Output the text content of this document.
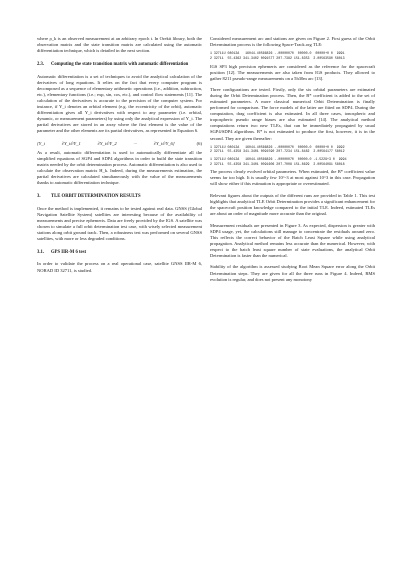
where ρ_k is an observed measurement at an arbitrary epoch t. In Orekit library, both the observation matrix and the state transition matrix are calculated using the automatic differentiation technique, which is detailed in the next section.

2.3.	Computing the state transition matrix with automatic differentiation

Automatic differentiation is a set of techniques to avoid the analytical calculation of the derivatives of long equations. It relies on the fact that every computer program is decomposed as a sequence of elementary arithmetic operations (i.e., addition, subtraction, etc.), elementary functions (i.e.; exp, sin, cos, etc.), and control flow statements [11]. The calculation of the derivatives is accurate to the precision of the computer system. For instance, if Y_i denotes an orbital element (e.g. the eccentricity of the orbit), automatic differentiation gives all Y_i derivatives with respect to any parameter (i.e. orbital, dynamic, or measurement parameters) by using only the analytical expression of Y_i. The partial derivatives are stored in an array where the first element is the value of the parameter and the other elements are its partial derivatives, as represented in Equation 6.

[Y_i	∂Y_i/∂Y_1	∂Y_i/∂Y_2	···	∂Y_i/∂Y_6]	(6)

As a result, automatic differentiation is used to automatically differentiate all the simplified equations of SGP4 and SDP4 algorithms in order to build the state transition matrix needed by the orbit determination process. Automatic differentiation is also used to calculate the observation matrix H_k. Indeed, during the measurements estimation, the partial derivatives are calculated simultaneously with the value of the measurements thanks to automatic differentiation technique.

3.	TLE ORBIT DETERMINATION RESULTS

Once the method is implemented, it remains to be tested against real data. GNSS (Global Navigation Satellite System) satellites are interesting because of the availability of measurements and precise ephemeris. Data are freely provided by the IGS. A satellite was chosen to simulate a full orbit determination test case, with wisely selected measurement stations along orbit ground track. Then, a robustness test was performed on several GNSS satellites, with more or less degraded conditions.

3.1.	GPS IIR-M 6 test

In order to validate the process on a real operational case, satellite GNSS IIR-M 6, NORAD ID 32711, is studied.

Considered measurement arc and stations are given on Figure 2. First guess of the Orbit Determination process is the following Space-Track.org TLE:

1 32711U 08012A   16044.40566826 -.00000070  00000-0  00000+0 0  9991
2 32711  55.4362 341.3402 0091577 207.7382 151.8353  2.00563590 58013

IGS SP3 high precision ephemeris are considered as the reference for the spacecraft position [12]. The measurements are also taken from IGS products. They allowed to gather 8211 pseudo-range measurements on a 5h30m arc [13].

Three configurations are tested. Firstly, only the six orbital parameters are estimated during the Orbit Determination process. Then, the B* coefficient is added to the set of estimated parameters. A more classical numerical Orbit Determination is finally performed for comparison. The force models of the latter are fitted on SDP4. During the computation, drag coefficient is also estimated. In all three cases, ionospheric and tropospheric pseudo range biases are also estimated [14]. The analytical method computations return two new TLEs, that can be immediately propagated by usual SGP4/SDP4 algorithms. B* is not estimated to produce the first, however, it is in the second. They are given thereafter:

1 32711U 08012A   16044.40566826 -.00000070  00000-0  00000+0 0  9992
2 32711  55.4358 341.3401 0091590 207.7234 151.8482  2.00564177 58012
1 32711U 08012A   16044.40566826 -.00000070  00000-0 -1.5229+3 0  9994
2 32711  55.4358 341.3401 0091606 207.7008 151.8629  2.00564091 58018

The process clearly evolved orbital parameters. When estimated, the B* coefficient value seems far too high. It is usually few 10^-3 at most against 10^3 in this case. Propagation will show either if this estimation is appropriate or overestimated.

Relevant figures about the outputs of the different runs are provided in Table 1. This test highlights that analytical TLE Orbit Determination provides a significant enhancement for the spacecraft position knowledge compared to the initial TLE. Indeed, estimated TLEs are about an order of magnitude more accurate than the original.

Measurement residuals are presented in Figure 3. As expected, dispersion is greater with SDP4 usage, yet, the calculations still manage to concentrate the residuals around zero. This reflects the correct behavior of the Batch Least Square while using analytical propagation. Analytical method remains less accurate than the numerical. However, with respect to the batch least square number of state evaluations, the analytical Orbit Determination is faster than the numerical.

Stability of the algorithm is assessed studying Root Mean Square error along the Orbit Determination steps. They are given for all the three runs in Figure 4. Indeed, RMS evolution is regular, and does not present any monotony
